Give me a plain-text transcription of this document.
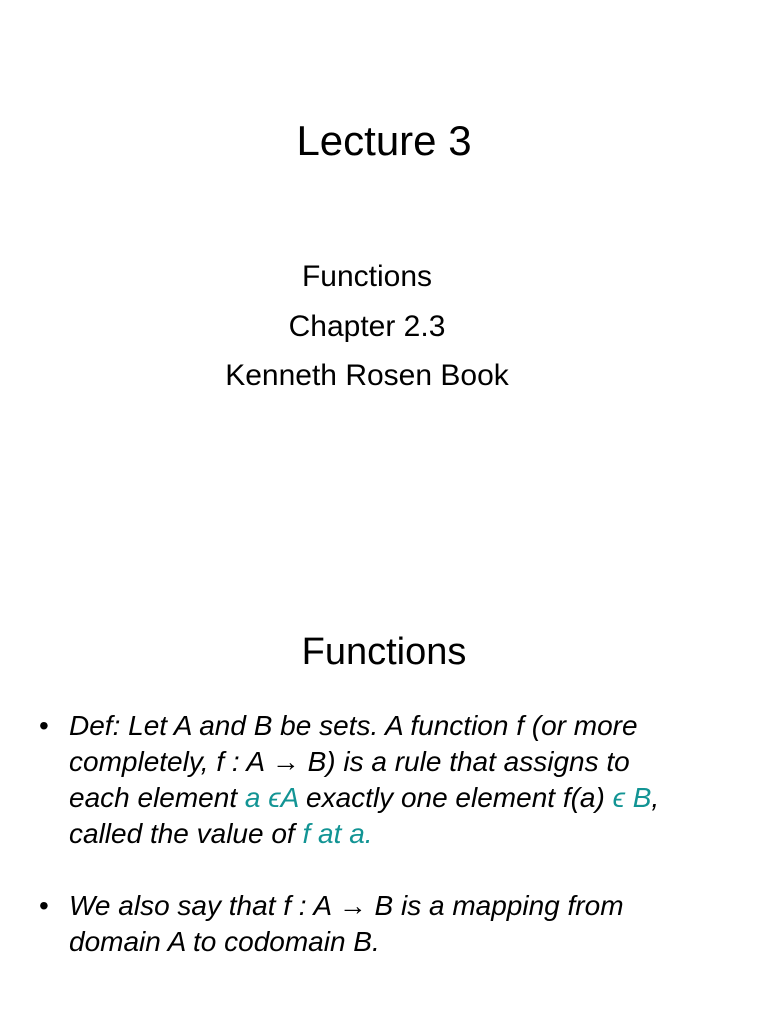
Lecture 3
Functions
Chapter 2.3
Kenneth Rosen Book
Functions
• Def: Let A and B be sets. A function f (or more
completely, f : A → B) is a rule that assigns to
each element a ϵA exactly one element f(a) ϵ B,
called the value of f at a.
• We also say that f : A → B is a mapping from
domain A to codomain B.
